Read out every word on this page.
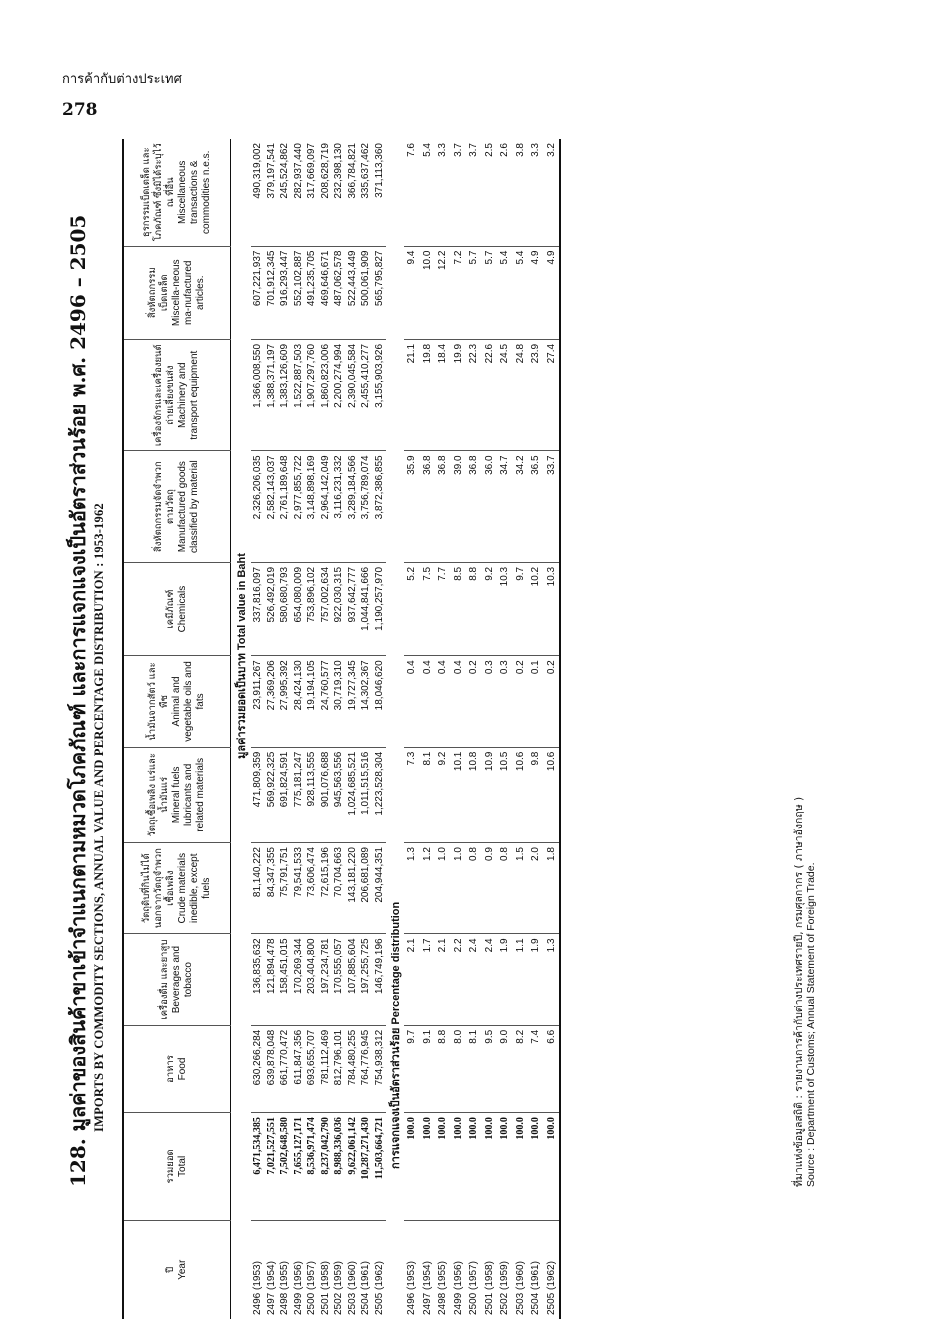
การค้ากับต่างประเทศ
278
128. มูลค่าของสินค้าขาเข้าจำแนกตามหมวดโภคภัณฑ์ และการแจกแจงเป็นอัตราส่วนร้อย พ.ศ. 2496 – 2505 IMPORTS BY COMMODITY SECTIONS, ANNUAL VALUE AND PERCENTAGE DISTRIBUTION : 1953-1962
ปี Year	รวมยอด Total	อาหาร Food	เครื่องดื่ม และยาสูบ Beverages and tobacco	วัตถุดิบที่กินไม่ได้ นอกจากวัตถุจำพวกเชื้อเพลิง Crude materials inedible, except fuels	วัตถุเชื้อเพลิง แร่และน้ำมันแร่ Mineral fuels lubricants and related materials	น้ำมันจากสัตว์ และพืช Animal and vegetable oils and fats	เคมีภัณฑ์ Chemicals	สิ่งหัตถกรรมจัดจำพวกตามวัตถุ Manufactured goods classified by material	เครื่องจักรและเครื่องยนต์ ถ่ายเลี่ยงขนส่ง Machinery and transport equipment	สิ่งหัตถกรรมเบ็ดเตล็ด Miscella-neous ma-nufactured articles.	ธุรกรรมเบ็ดเตล็ด และโภคภัณฑ์ ซึ่งมิได้ระบุไว้ ณ ที่อื่น Miscellaneous transactions & commodities n.e.s.

มูลค่ารวมยอดเป็นบาท Total value in Baht											
2496 (1953)	6,471,534,385	630,266,284	136,835,632	81,140,222	471,809,359	23,911,267	337,816,097	2,326,206,035	1,366,008,550	607,221,937	490,319,002
2497 (1954)	7,021,527,551	639,878,048	121,894,478	84,347,355	569,922,325	27,369,206	526,492,019	2,582,143,037	1,388,371,197	701,912,345	379,197,541
2498 (1955)	7,502,648,580	661,770,472	158,451,015	75,791,751	691,824,591	27,995,392	580,680,793	2,761,189,648	1,383,126,609	916,293,447	245,524,862
2499 (1956)	7,655,127,171	611,847,356	170,269,344	79,541,533	775,181,247	28,424,130	654,080,009	2,977,855,722	1,522,887,503	552,102,887	282,937,440
2500 (1957)	8,536,971,474	693,655,707	203,404,800	73,606,474	928,113,555	19,194,105	753,896,102	3,148,898,169	1,907,297,760	491,235,705	317,669,097
2501 (1958)	8,237,042,790	781,112,469	197,234,781	72,615,196	901,076,688	24,760,577	757,002,634	2,964,142,049	1,860,823,006	469,646,671	208,628,719
2502 (1959)	8,988,336,036	812,796,101	170,555,057	70,704,663	945,563,556	30,719,310	922,030,315	3,116,231,332	2,200,274,994	487,062,578	232,398,130
2503 (1960)	9,622,061,142	784,480,255	107,885,604	143,181,220	1,024,685,521	19,727,345	937,642,777	3,289,184,566	2,390,045,584	522,443,449	366,784,821
2504 (1961)	10,287,271,430	764,776,945	197,255,725	206,681,089	1,011,515,516	14,302,367	1,044,841,666	3,756,789,074	2,455,410,277	500,061,909	335,637,462
2505 (1962)	11,503,664,721	754,938,312	146,749,196	204,944,351	1,223,528,304	18,046,620	1,190,257,970	3,872,386,855	3,155,903,926	565,795,827	371,113,360
การแจกแจงเป็นอัตราส่วนร้อย Percentage distribution											
2496 (1953)	100.0	9.7	2.1	1.3	7.3	0.4	5.2	35.9	21.1	9.4	7.6
2497 (1954)	100.0	9.1	1.7	1.2	8.1	0.4	7.5	36.8	19.8	10.0	5.4
2498 (1955)	100.0	8.8	2.1	1.0	9.2	0.4	7.7	36.8	18.4	12.2	3.3
2499 (1956)	100.0	8.0	2.2	1.0	10.1	0.4	8.5	39.0	19.9	7.2	3.7
2500 (1957)	100.0	8.1	2.4	0.8	10.8	0.2	8.8	36.8	22.3	5.7	3.7
2501 (1958)	100.0	9.5	2.4	0.9	10.9	0.3	9.2	36.0	22.6	5.7	2.5
2502 (1959)	100.0	9.0	1.9	0.8	10.5	0.3	10.3	34.7	24.5	5.4	2.6
2503 (1960)	100.0	8.2	1.1	1.5	10.6	0.2	9.7	34.2	24.8	5.4	3.8
2504 (1961)	100.0	7.4	1.9	2.0	9.8	0.1	10.2	36.5	23.9	4.9	3.3
2505 (1962)	100.0	6.6	1.3	1.8	10.6	0.2	10.3	33.7	27.4	4.9	3.2
ที่มาแห่งข้อมูลสถิติ : รายงานการค้ากับต่างประเทศรายปี, กรมศุลกากร ( ภาษาอังกฤษ ) Source : Department of Customs; Annual Statement of Foreign Trade.
